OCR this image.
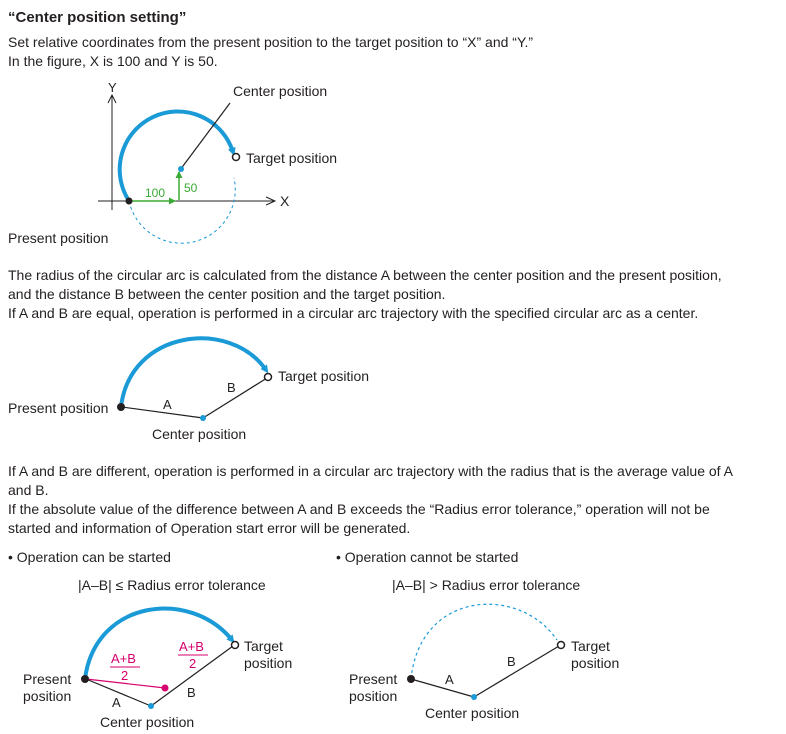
“Center position setting”
Set relative coordinates from the present position to the target position to “X” and “Y.”
In the figure, X is 100 and Y is 50.
Y
X
Center position
Target position
100 50
A
B
Target position
A+B
2
A+B
2
A
B
A
B
Present position
The radius of the circular arc is calculated from the distance A between the center position and the present position,
and the distance B between the center position and the target position.
If A and B are equal, operation is performed in a circular arc trajectory with the specified circular arc as a center.
Present position
Center position
If A and B are different, operation is performed in a circular arc trajectory with the radius that is the average value of A
and B.
If the absolute value of the difference between A and B exceeds the “Radius error tolerance,” operation will not be
started and information of Operation start error will be generated.
• Operation can be started
|A–B| ≤ Radius error tolerance
• Operation cannot be started
|A–B| > Radius error tolerance
Present
position
Target
position
Center position
Present
position
Target
position
Center position
